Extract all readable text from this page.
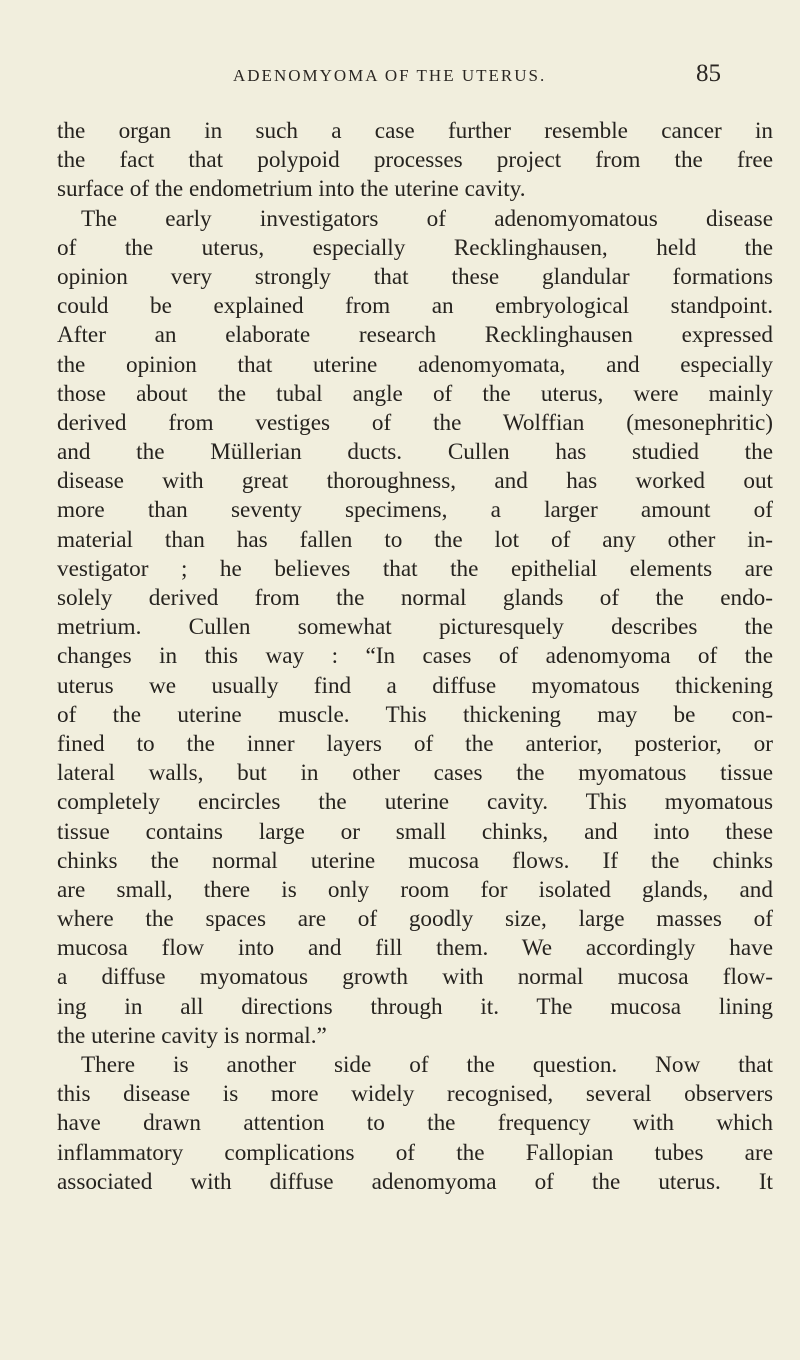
ADENOMYOMA OF THE UTERUS.	85
the organ in such a case further resemble cancer in
the fact that polypoid processes project from the free
surface of the endometrium into the uterine cavity.
The early investigators of adenomyomatous disease
of the uterus, especially Recklinghausen, held the
opinion very strongly that these glandular formations
could be explained from an embryological standpoint.
After an elaborate research Recklinghausen expressed
the opinion that uterine adenomyomata, and especially
those about the tubal angle of the uterus, were mainly
derived from vestiges of the Wolffian (mesonephritic)
and the Müllerian ducts. Cullen has studied the
disease with great thoroughness, and has worked out
more than seventy specimens, a larger amount of
material than has fallen to the lot of any other in-
vestigator ; he believes that the epithelial elements are
solely derived from the normal glands of the endo-
metrium. Cullen somewhat picturesquely describes the
changes in this way : “In cases of adenomyoma of the
uterus we usually find a diffuse myomatous thickening
of the uterine muscle. This thickening may be con-
fined to the inner layers of the anterior, posterior, or
lateral walls, but in other cases the myomatous tissue
completely encircles the uterine cavity. This myomatous
tissue contains large or small chinks, and into these
chinks the normal uterine mucosa flows. If the chinks
are small, there is only room for isolated glands, and
where the spaces are of goodly size, large masses of
mucosa flow into and fill them. We accordingly have
a diffuse myomatous growth with normal mucosa flow-
ing in all directions through it. The mucosa lining
the uterine cavity is normal.”
There is another side of the question. Now that
this disease is more widely recognised, several observers
have drawn attention to the frequency with which
inflammatory complications of the Fallopian tubes are
associated with diffuse adenomyoma of the uterus. It
